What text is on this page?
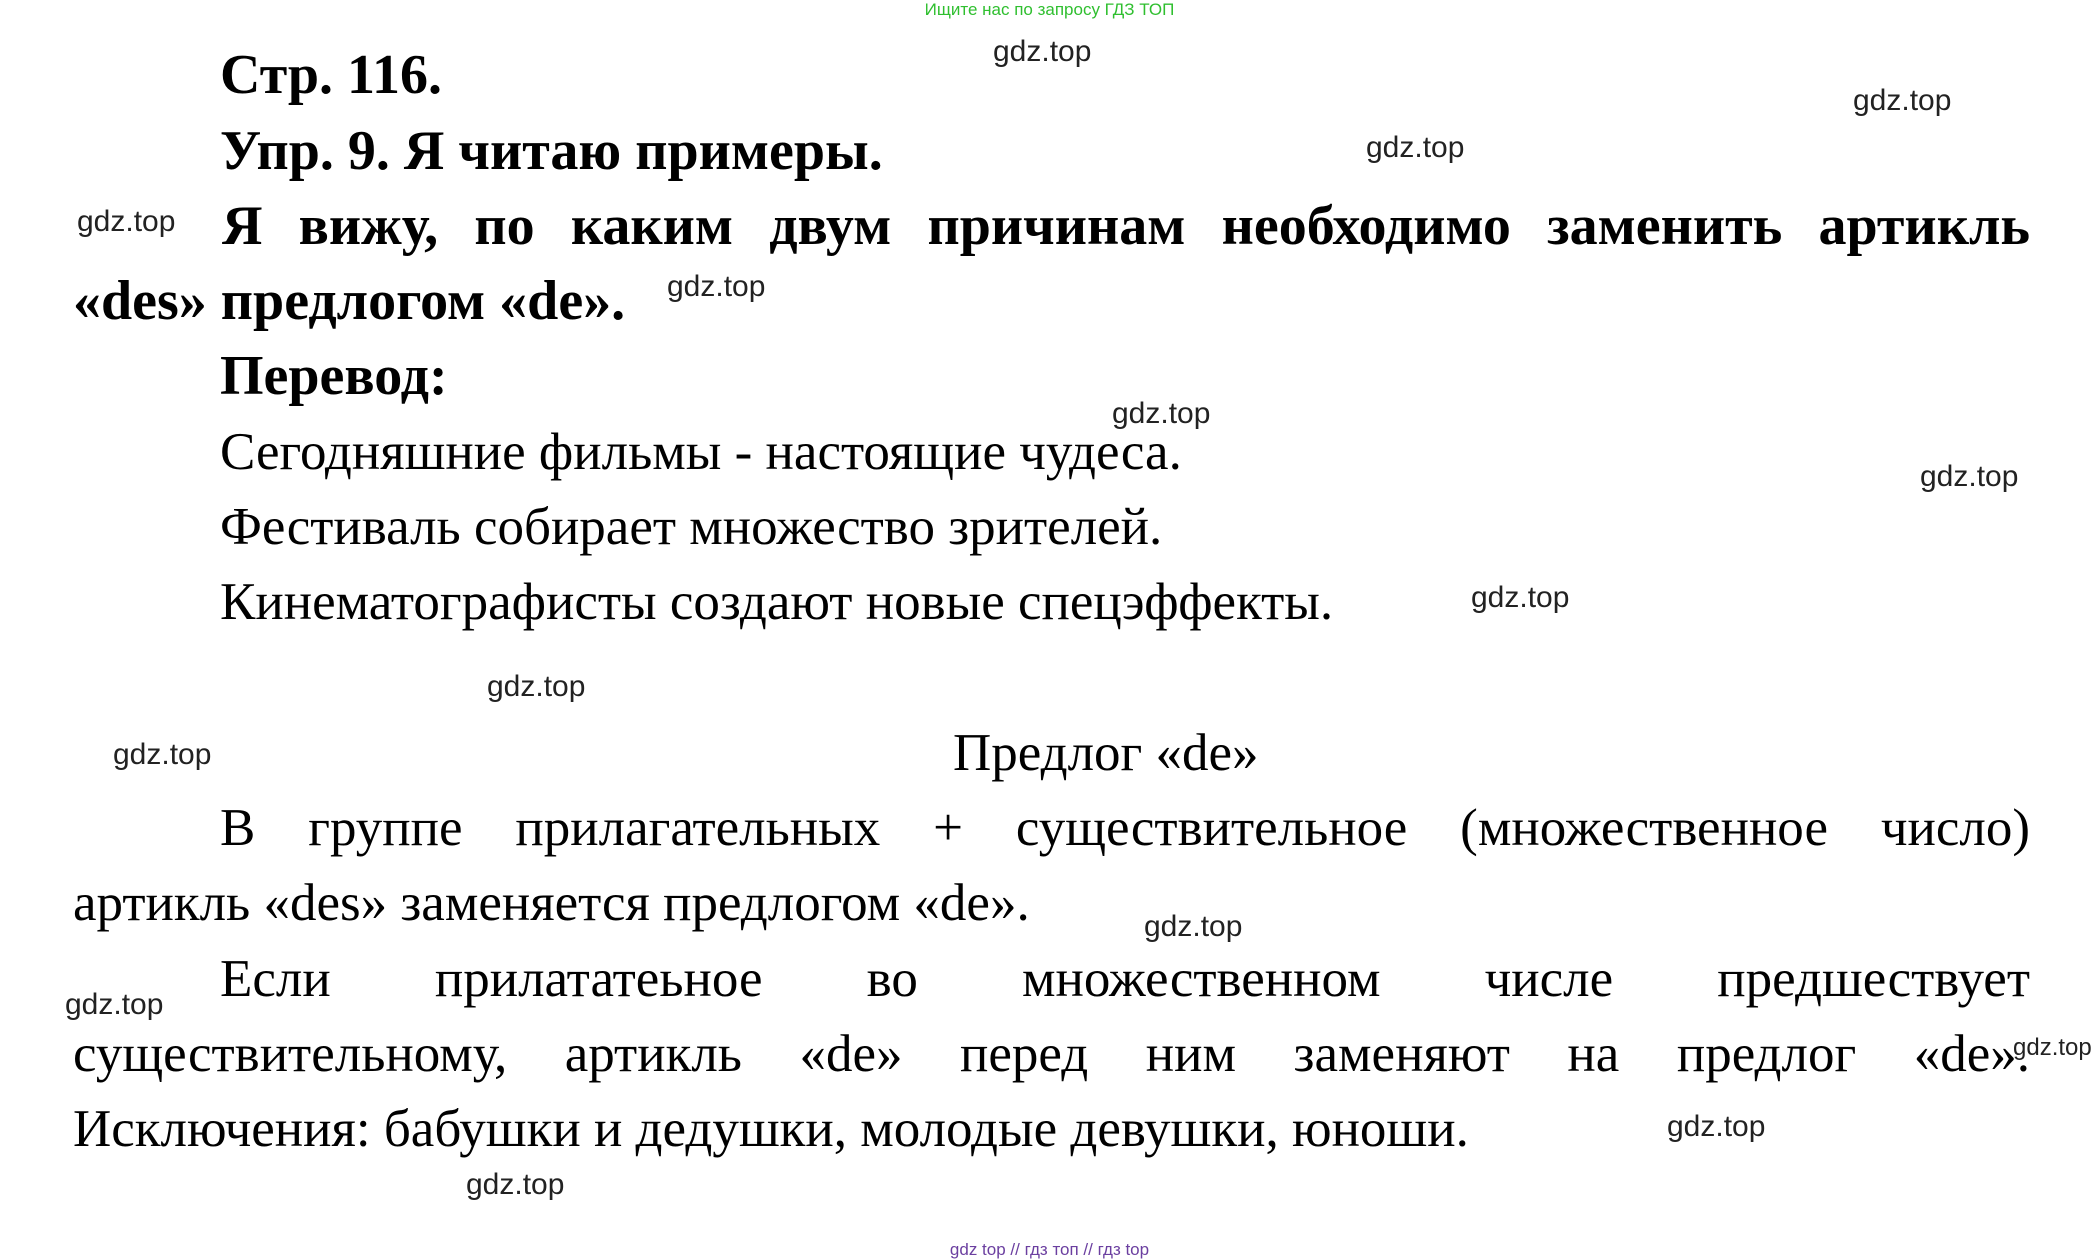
Ищите нас по запросу ГДЗ ТОП
Стр. 116.
Упр. 9. Я читаю примеры.
Я вижу, по каким двум причинам необходимо заменить артикль
«des» предлогом «de».
Перевод:
Сегодняшние фильмы - настоящие чудеса.
Фестиваль собирает множество зрителей.
Кинематографисты создают новые спецэффекты.
Предлог «de»
В группе прилагательных + существительное (множественное число)
артикль «des» заменяется предлогом «de».
Если прилататеьное во множественном числе предшествует
существительному, артикль «de» перед ним заменяют на предлог «de».
Исключения: бабушки и дедушки, молодые девушки, юноши.
gdz.top
gdz.top
gdz.top
gdz.top
gdz.top
gdz.top
gdz.top
gdz.top
gdz.top
gdz.top
gdz.top
gdz.top
gdz.top
gdz.top
gdz.top
gdz top // гдз топ // гдз top
